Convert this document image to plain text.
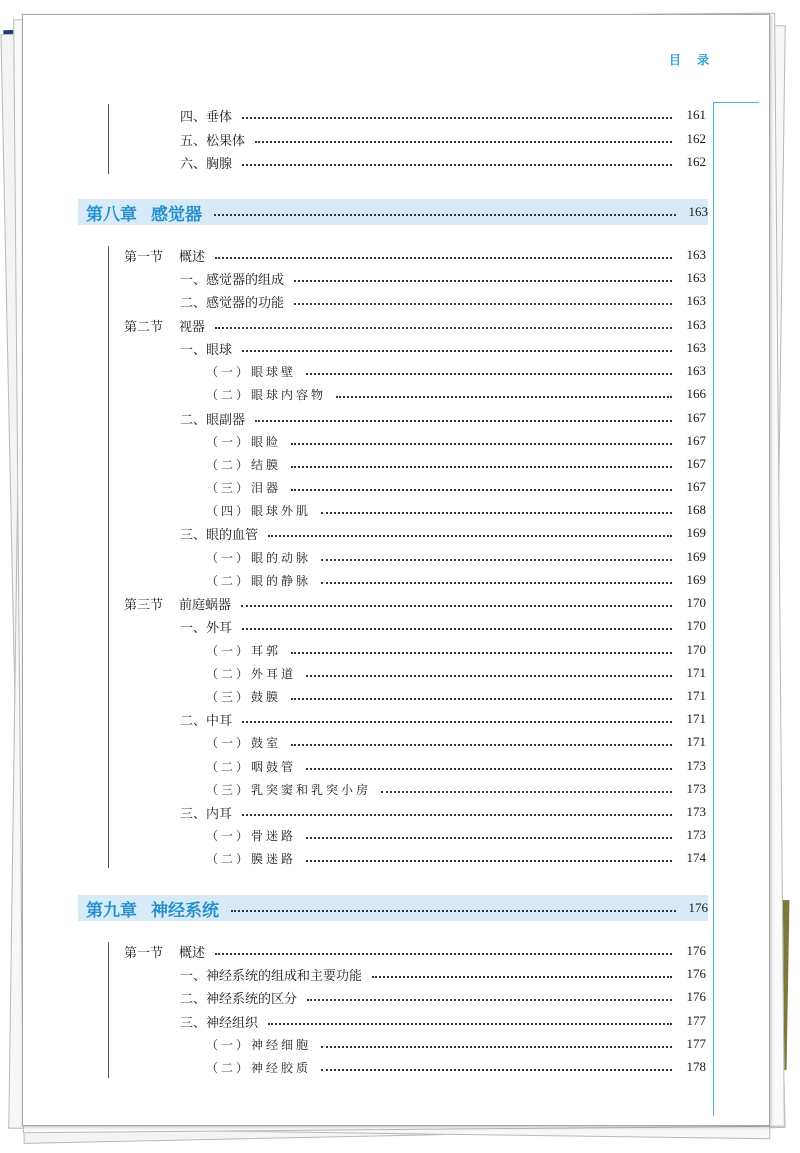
目 录
四、垂体	161
五、松果体	162
六、胸腺	162
第八章 感觉器	163
第一节 概述	163
一、感觉器的组成	163
二、感觉器的功能	163
第二节 视器	163
一、眼球	163
（一）眼球壁	163
（二）眼球内容物	166
二、眼副器	167
（一）眼睑	167
（二）结膜	167
（三）泪器	167
（四）眼球外肌	168
三、眼的血管	169
（一）眼的动脉	169
（二）眼的静脉	169
第三节 前庭蜗器	170
一、外耳	170
（一）耳郭	170
（二）外耳道	171
（三）鼓膜	171
二、中耳	171
（一）鼓室	171
（二）咽鼓管	173
（三）乳突窦和乳突小房	173
三、内耳	173
（一）骨迷路	173
（二）膜迷路	174
第九章 神经系统	176
第一节 概述	176
一、神经系统的组成和主要功能	176
二、神经系统的区分	176
三、神经组织	177
（一）神经细胞	177
（二）神经胶质	178
